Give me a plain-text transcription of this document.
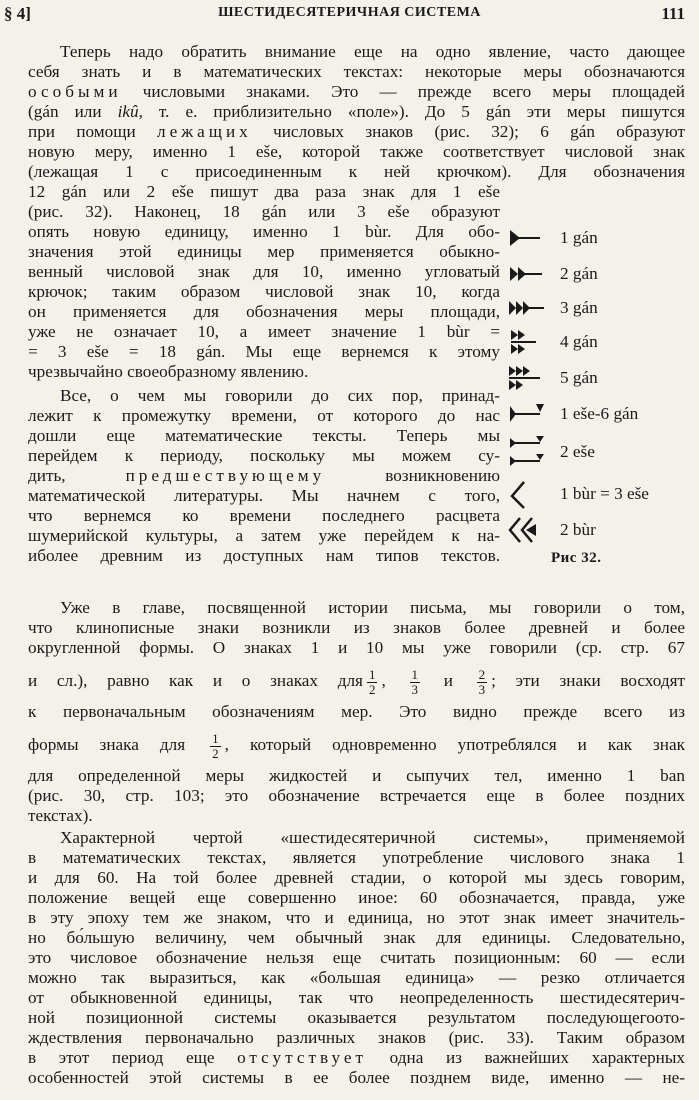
§ 4]	ШЕСТИДЕСЯТЕРИЧНАЯ СИСТЕМА	111
Теперь надо обратить внимание еще на одно явление, часто дающее
себя знать и в математических текстах: некоторые меры обозначаются
особыми числовыми знаками. Это — прежде всего меры площадей
(gán или ikû, т. е. приблизительно «поле»). До 5 gán эти меры пишутся
при помощи лежащих числовых знаков (рис. 32); 6 gán образуют
новую меру, именно 1 eše, которой также соответствует числовой знак
(лежащая 1 с присоединенным к ней крючком). Для обозначения
12 gán или 2 eše пишут два раза знак для 1 eše
(рис. 32). Наконец, 18 gán или 3 eše образуют
опять новую единицу, именно 1 bùr. Для обо-
значения этой единицы мер применяется обыкно-
венный числовой знак для 10, именно угловатый
крючок; таким образом числовой знак 10, когда
он применяется для обозначения меры площади,
уже не означает 10, а имеет значение 1 bùr =
= 3 eše = 18 gán. Мы еще вернемся к этому
чрезвычайно своеобразному явлению.
Все, о чем мы говорили до сих пор, принад-
лежит к промежутку времени, от которого до нас
дошли еще математические тексты. Теперь мы
перейдем к периоду, поскольку мы можем су-
дить, предшествующему возникновению
математической литературы. Мы начнем с того,
что вернемся ко времени последнего расцвета
шумерийской культуры, а затем уже перейдем к на-
иболее древним из доступных нам типов текстов.
1 gán
2 gán
3 gán
4 gán
5 gán
1 eše-6 gán
2 eše
1 bùr = 3 eše
2 bùr
Рис 32.
Уже в главе, посвященной истории письма, мы говорили о том,
что клинописные знаки возникли из знаков более древней и более
округленной формы. О знаках 1 и 10 мы уже говорили (ср. стр. 67
и сл.), равно как и о знаках для $\frac{1}{2}$ , $\frac{1}{3}$ и $\frac{2}{3}$ ; эти знаки восходят
к первоначальным обозначениям мер. Это видно прежде всего из
формы знака для $\frac{1}{2}$ , который одновременно употреблялся и как знак
для определенной меры жидкостей и сыпучих тел, именно 1 ban
(рис. 30, стр. 103; это обозначение встречается еще в более поздних
текстах).
Характерной чертой «шестидесятеричной системы», применяемой
в математических текстах, является употребление числового знака 1
и для 60. На той более древней стадии, о которой мы здесь говорим,
положение вещей еще совершенно иное: 60 обозначается, правда, уже
в эту эпоху тем же знаком, что и единица, но этот знак имеет значитель-
но бо́льшую величину, чем обычный знак для единицы. Следовательно,
это числовое обозначение нельзя еще считать позиционным: 60 — если
можно так выразиться, как «большая единица» — резко отличается
от обыкновенной единицы, так что неопределенность шестидесятерич-
ной позиционной системы оказывается результатом последующегоoто-
ждествления первоначально различных знаков (рис. 33). Таким образом
в этот период еще отсутствует одна из важнейших характерных
особенностей этой системы в ее более позднем виде, именно — не-
